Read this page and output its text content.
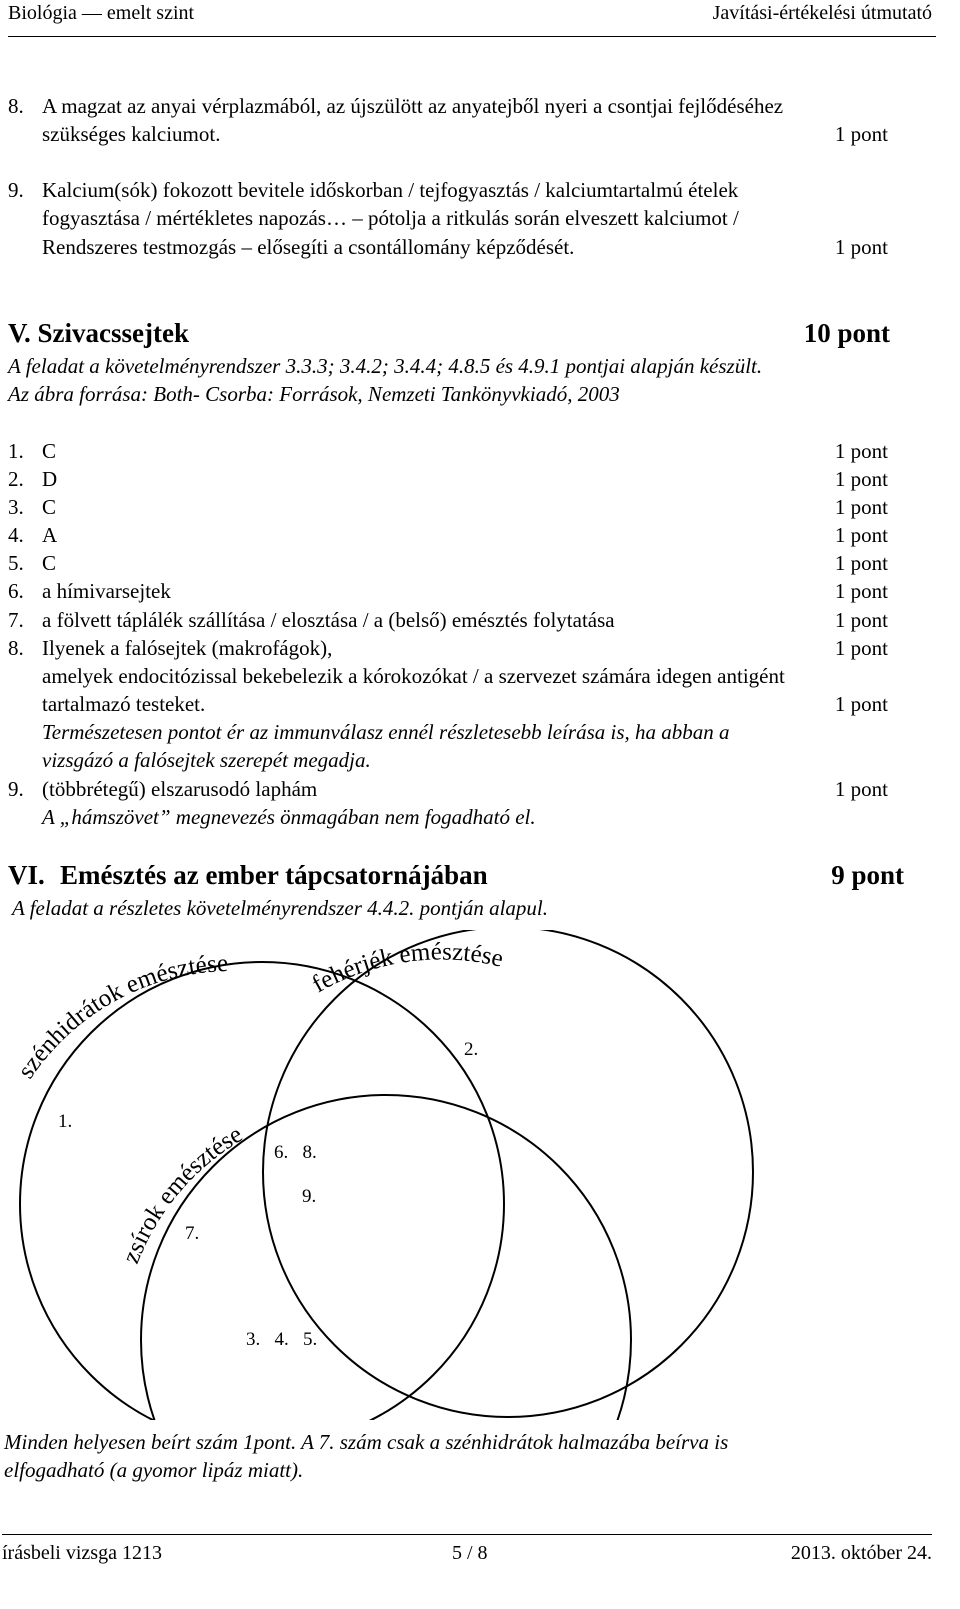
Biológia — emelt szint	Javítási-értékelési útmutató
8. A magzat az anyai vérplazmából, az újszülött az anyatejből nyeri a csontjai fejlődéséhez
szükséges kalciumot.	1 pont
9. Kalcium(sók) fokozott bevitele időskorban / tejfogyasztás / kalciumtartalmú ételek
fogyasztása / mértékletes napozás… – pótolja a ritkulás során elveszett kalciumot /
Rendszeres testmozgás – elősegíti a csontállomány képződését.	1 pont
V. Szivacssejtek	10 pont
A feladat a követelményrendszer 3.3.3; 3.4.2; 3.4.4; 4.8.5 és 4.9.1 pontjai alapján készült.
Az ábra forrása: Both- Csorba: Források, Nemzeti Tankönyvkiadó, 2003
1. C	1 pont
2. D	1 pont
3. C	1 pont
4. A	1 pont
5. C	1 pont
6. a hímivarsejtek	1 pont
7. a fölvett táplálék szállítása / elosztása / a (belső) emésztés folytatása	1 pont
8. Ilyenek a falósejtek (makrofágok),	1 pont
amelyek endocitózissal bekebelezik a kórokozókat / a szervezet számára idegen antigént
tartalmazó testeket.	1 pont
Természetesen pontot ér az immunválasz ennél részletesebb leírása is, ha abban a
vizsgázó a falósejtek szerepét megadja.
9. (többrétegű) elszarusodó laphám	1 pont
A „hámszövet” megnevezés önmagában nem fogadható el.
VI. Emésztés az ember tápcsatornájában	9 pont
A feladat a részletes követelményrendszer 4.4.2. pontján alapul.
szénhidrátok emésztése
fehérjék emésztése
zsírok emésztése
1.
2.
6.   8.
9.
7.
3.   4.   5.
Minden helyesen beírt szám 1pont. A 7. szám csak a szénhidrátok halmazába beírva is
elfogadható (a gyomor lipáz miatt).
írásbeli vizsga 1213	5 / 8	2013. október 24.
